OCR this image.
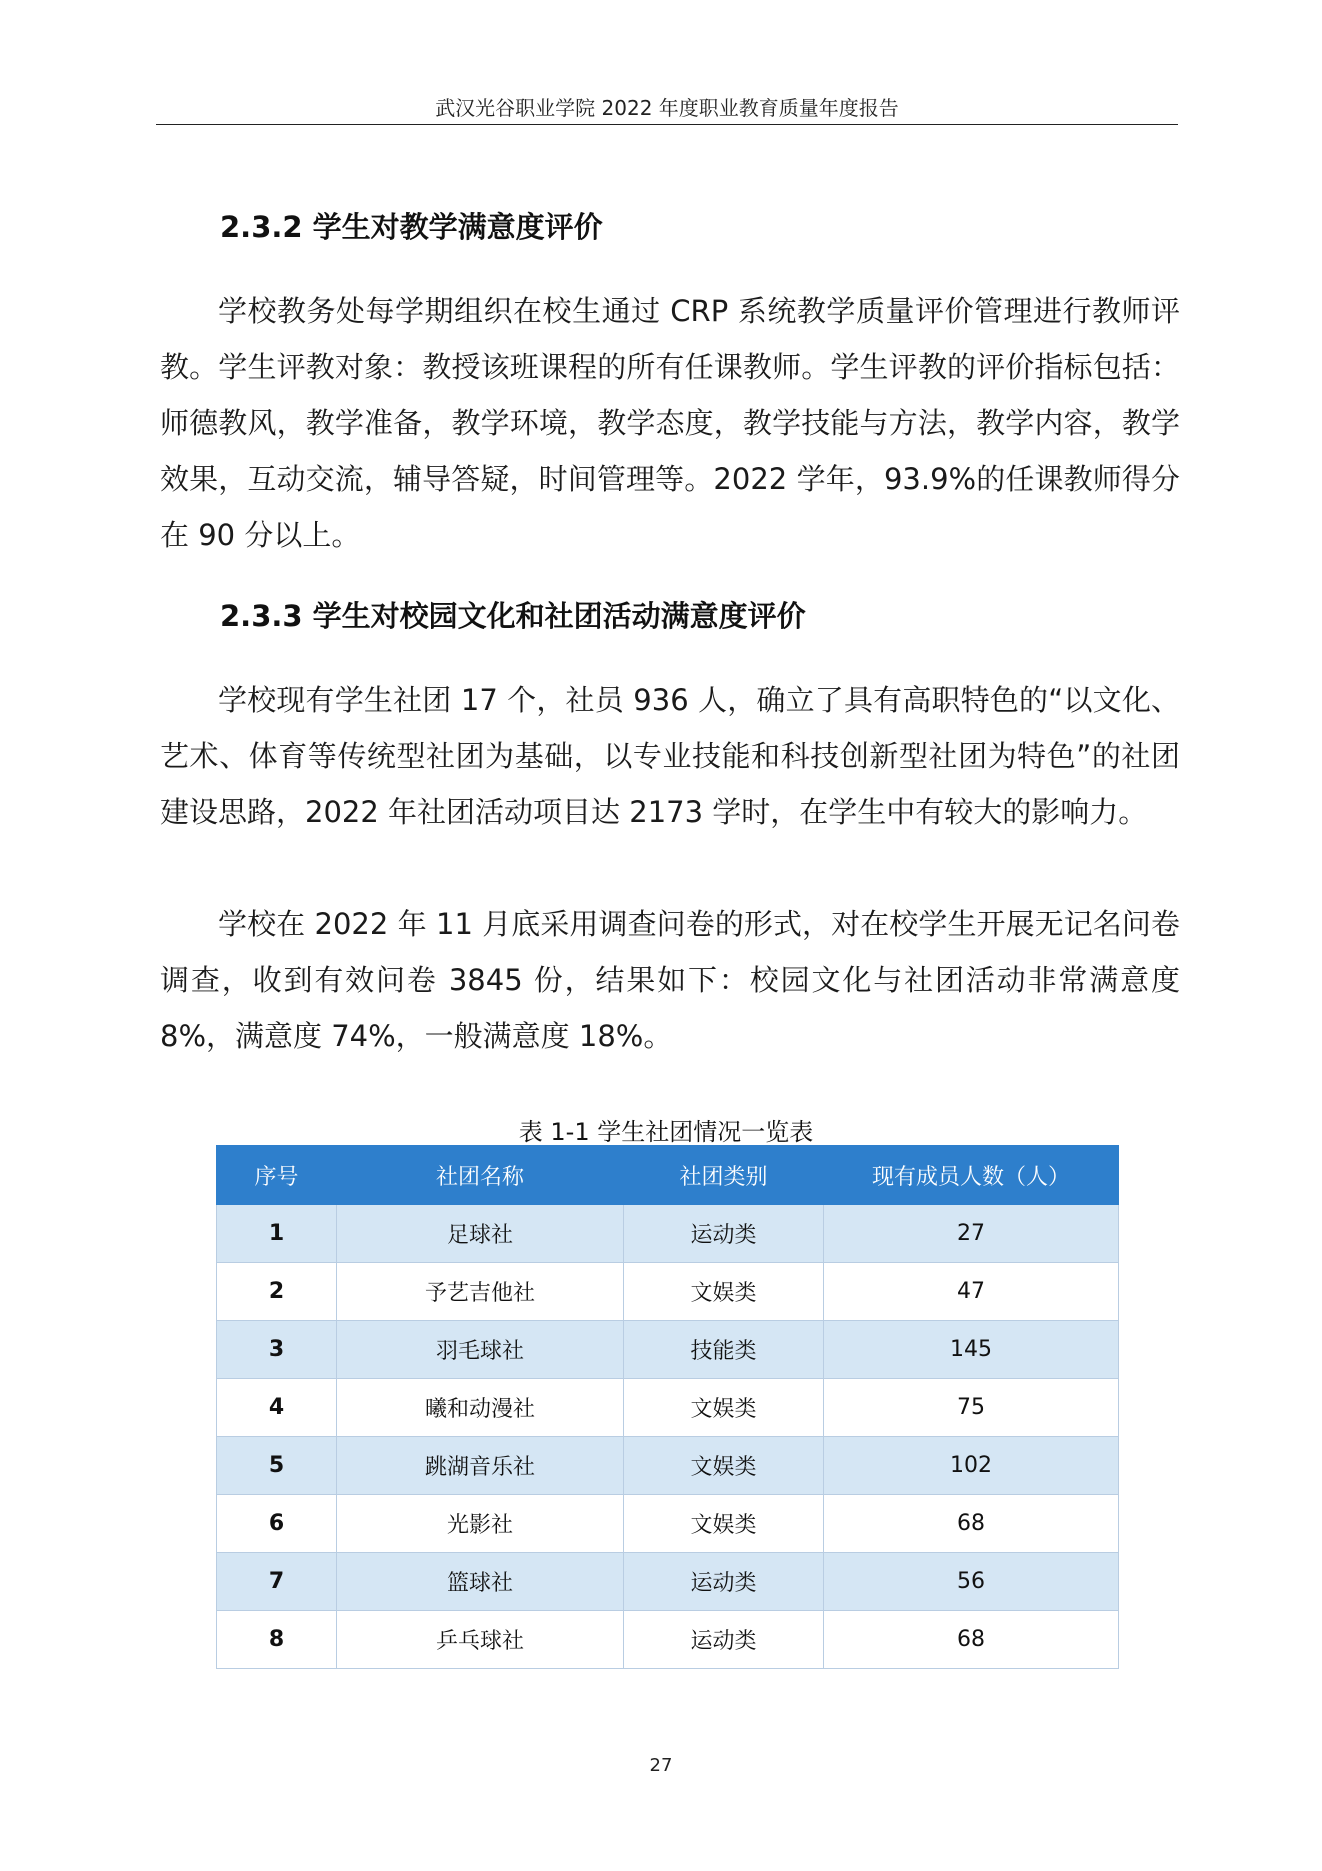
武汉光谷职业学院 2022 年度职业教育质量年度报告
2.3.2 学生对教学满意度评价

学校教务处每学期组织在校生通过 CRP 系统教学质量评价管理进行教师评教。学生评教对象：教授该班课程的所有任课教师。学生评教的评价指标包括：师德教风，教学准备，教学环境，教学态度，教学技能与方法，教学内容，教学效果，互动交流，辅导答疑，时间管理等。2022 学年，93.9%的任课教师得分在 90 分以上。

2.3.3 学生对校园文化和社团活动满意度评价

学校现有学生社团 17 个，社员 936 人，确立了具有高职特色的“以文化、艺术、体育等传统型社团为基础，以专业技能和科技创新型社团为特色”的社团建设思路，2022 年社团活动项目达 2173 学时，在学生中有较大的影响力。

学校在 2022 年 11 月底采用调查问卷的形式，对在校学生开展无记名问卷调查，收到有效问卷 3845 份，结果如下：校园文化与社团活动非常满意度 8%，满意度 74%，一般满意度 18%。

表 1-1 学生社团情况一览表
序号	社团名称	社团类别	现有成员人数（人）
1	足球社	运动类	27
2	予艺吉他社	文娱类	47
3	羽毛球社	技能类	145
4	曦和动漫社	文娱类	75
5	跳湖音乐社	文娱类	102
6	光影社	文娱类	68
7	篮球社	运动类	56
8	乒乓球社	运动类	68
27
